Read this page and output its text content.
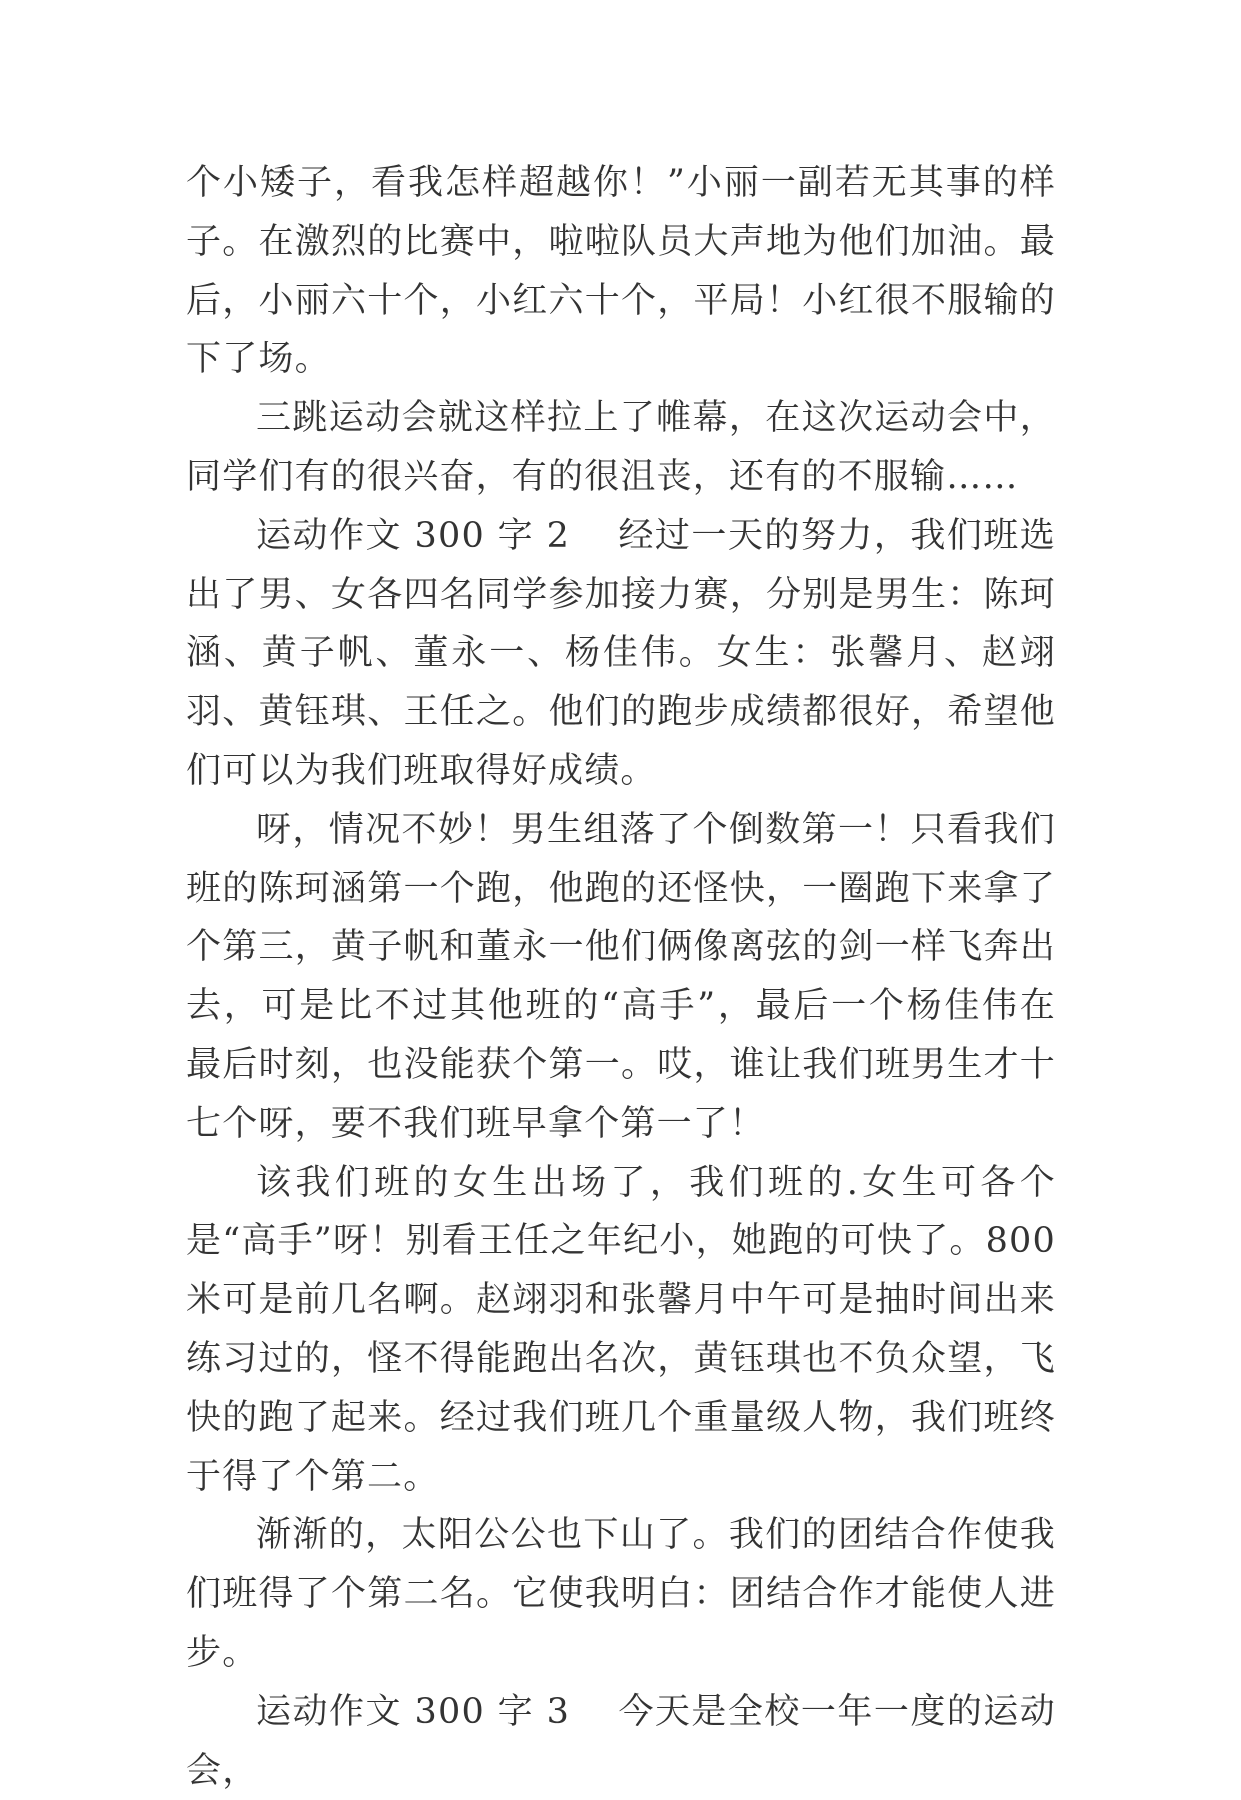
个小矮子，看我怎样超越你！”小丽一副若无其事的样子。在激烈的比赛中，啦啦队员大声地为他们加油。最后，小丽六十个，小红六十个，平局！小红很不服输的下了场。

三跳运动会就这样拉上了帷幕，在这次运动会中，同学们有的很兴奋，有的很沮丧，还有的不服输……

运动作文 300 字 2 经过一天的努力，我们班选出了男、女各四名同学参加接力赛，分别是男生：陈珂涵、黄子帆、董永一、杨佳伟。女生：张馨月、赵翊羽、黄钰琪、王任之。他们的跑步成绩都很好，希望他们可以为我们班取得好成绩。

呀，情况不妙！男生组落了个倒数第一！只看我们班的陈珂涵第一个跑，他跑的还怪快，一圈跑下来拿了个第三，黄子帆和董永一他们俩像离弦的剑一样飞奔出去，可是比不过其他班的“高手”，最后一个杨佳伟在最后时刻，也没能获个第一。哎，谁让我们班男生才十七个呀，要不我们班早拿个第一了！

该我们班的女生出场了，我们班的.女生可各个是“高手”呀！别看王任之年纪小，她跑的可快了。800 米可是前几名啊。赵翊羽和张馨月中午可是抽时间出来练习过的，怪不得能跑出名次，黄钰琪也不负众望，飞快的跑了起来。经过我们班几个重量级人物，我们班终于得了个第二。

渐渐的，太阳公公也下山了。我们的团结合作使我们班得了个第二名。它使我明白：团结合作才能使人进步。

运动作文 300 字 3 今天是全校一年一度的运动会，
